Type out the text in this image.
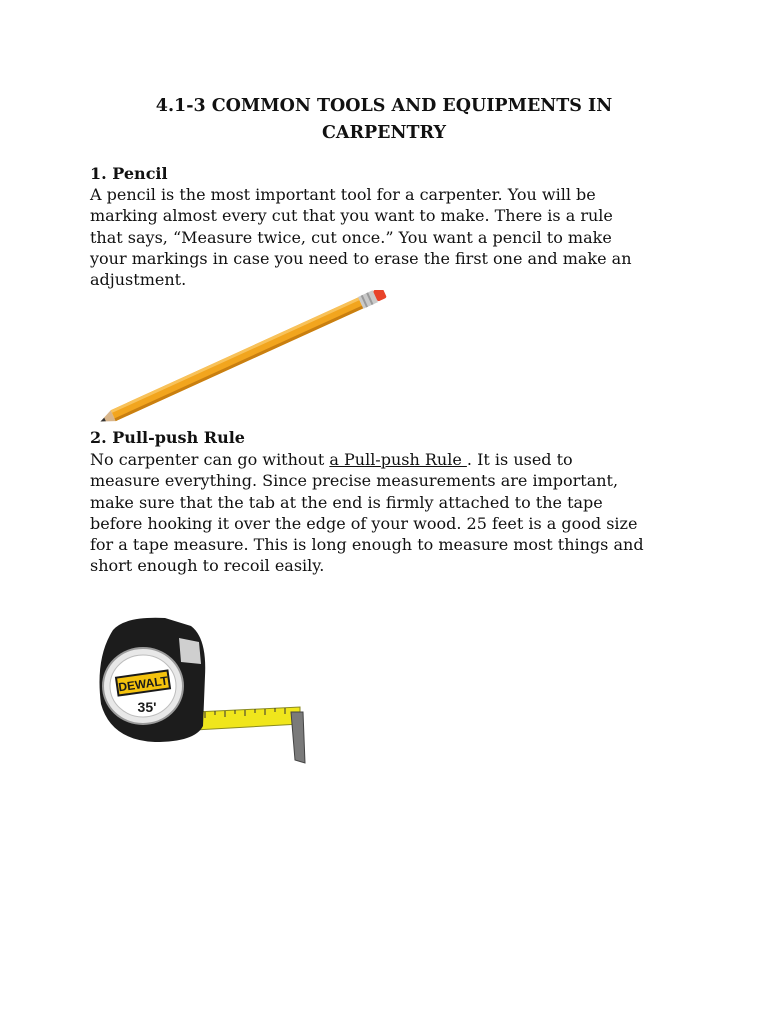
4.1-3 COMMON TOOLS AND EQUIPMENTS IN
CARPENTRY
1. Pencil

A pencil is the most important tool for a carpenter. You will be
marking almost every cut that you want to make. There is a rule
that says, “Measure twice, cut once.” You want a pencil to make
your markings in case you need to erase the first one and make an
adjustment.

2. Pull-push Rule

No carpenter can go without a Pull-push Rule . It is used to
measure everything. Since precise measurements are important,
make sure that the tab at the end is firmly attached to the tape
before hooking it over the edge of your wood. 25 feet is a good size
for a tape measure. This is long enough to measure most things and
short enough to recoil easily.

DEWALT
35'
